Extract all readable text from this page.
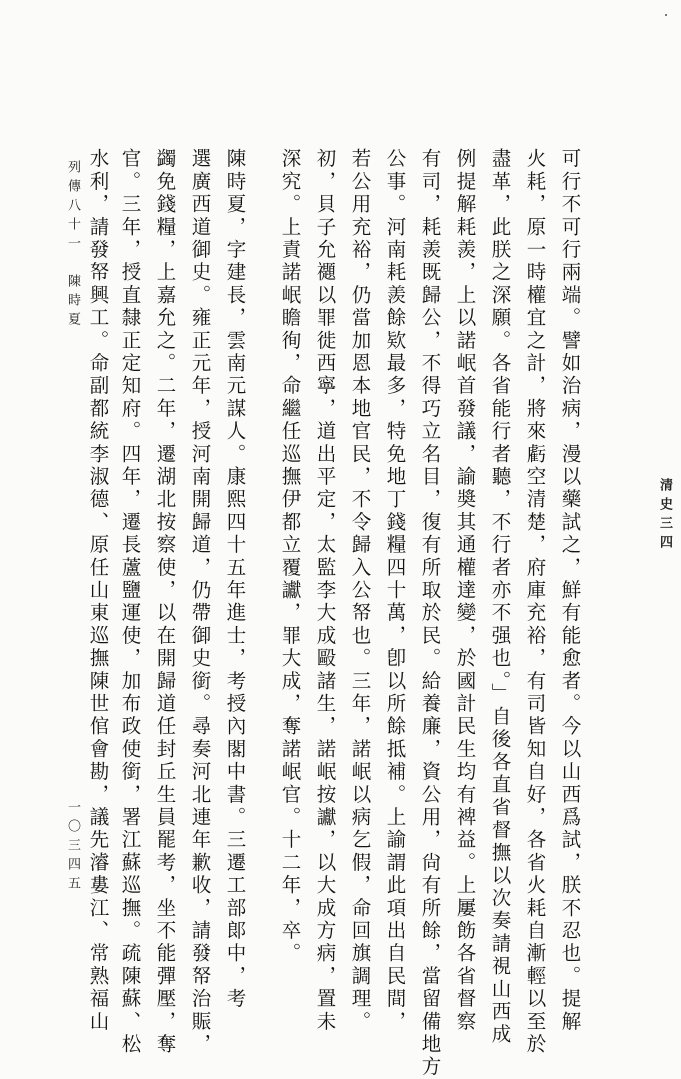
清史三四
可行不可行兩端。譬如治病，漫以藥試之，鮮有能愈者。今以山西爲試，朕不忍也。提解
火耗，原一時權宜之計，將來虧空清楚，府庫充裕，有司皆知自好，各省火耗自漸輕以至於
盡革，此朕之深願。各省能行者聽，不行者亦不强也。」自後各直省督撫以次奏請視山西成
例提解耗羨，上以諾岷首發議，諭奬其通權達變，於國計民生均有裨益。上屢飭各省督察
有司，耗羨既歸公，不得巧立名目，復有所取於民。給養廉，資公用，尙有所餘，當留備地方
公事。河南耗羨餘欵最多，特免地丁錢糧四十萬，卽以所餘抵補。上諭謂此項出自民間，
若公用充裕，仍當加恩本地官民，不令歸入公帑也。三年，諾岷以病乞假，命回旗調理。
初，貝子允禵以罪徙西寧，道出平定，太監李大成毆諸生，諾岷按讞，以大成方病，置未
深究。上責諾岷瞻徇，命繼任巡撫伊都立覆讞，罪大成，奪諾岷官。十二年，卒。
陳時夏，字建長，雲南元謀人。康熙四十五年進士，考授內閣中書。三遷工部郞中，考
選廣西道御史。雍正元年，授河南開歸道，仍帶御史銜。尋奏河北連年歉收，請發帑治賑，
蠲免錢糧，上嘉允之。二年，遷湖北按察使，以在開歸道任封丘生員罷考，坐不能彈壓，奪
官。三年，授直隸正定知府。四年，遷長蘆鹽運使，加布政使銜，署江蘇巡撫。疏陳蘇、松
水利，請發帑興工。命副都統李淑德、原任山東巡撫陳世倌會勘，議先濬婁江、常熟福山
列傳八十一　陳時夏
一〇三四五
